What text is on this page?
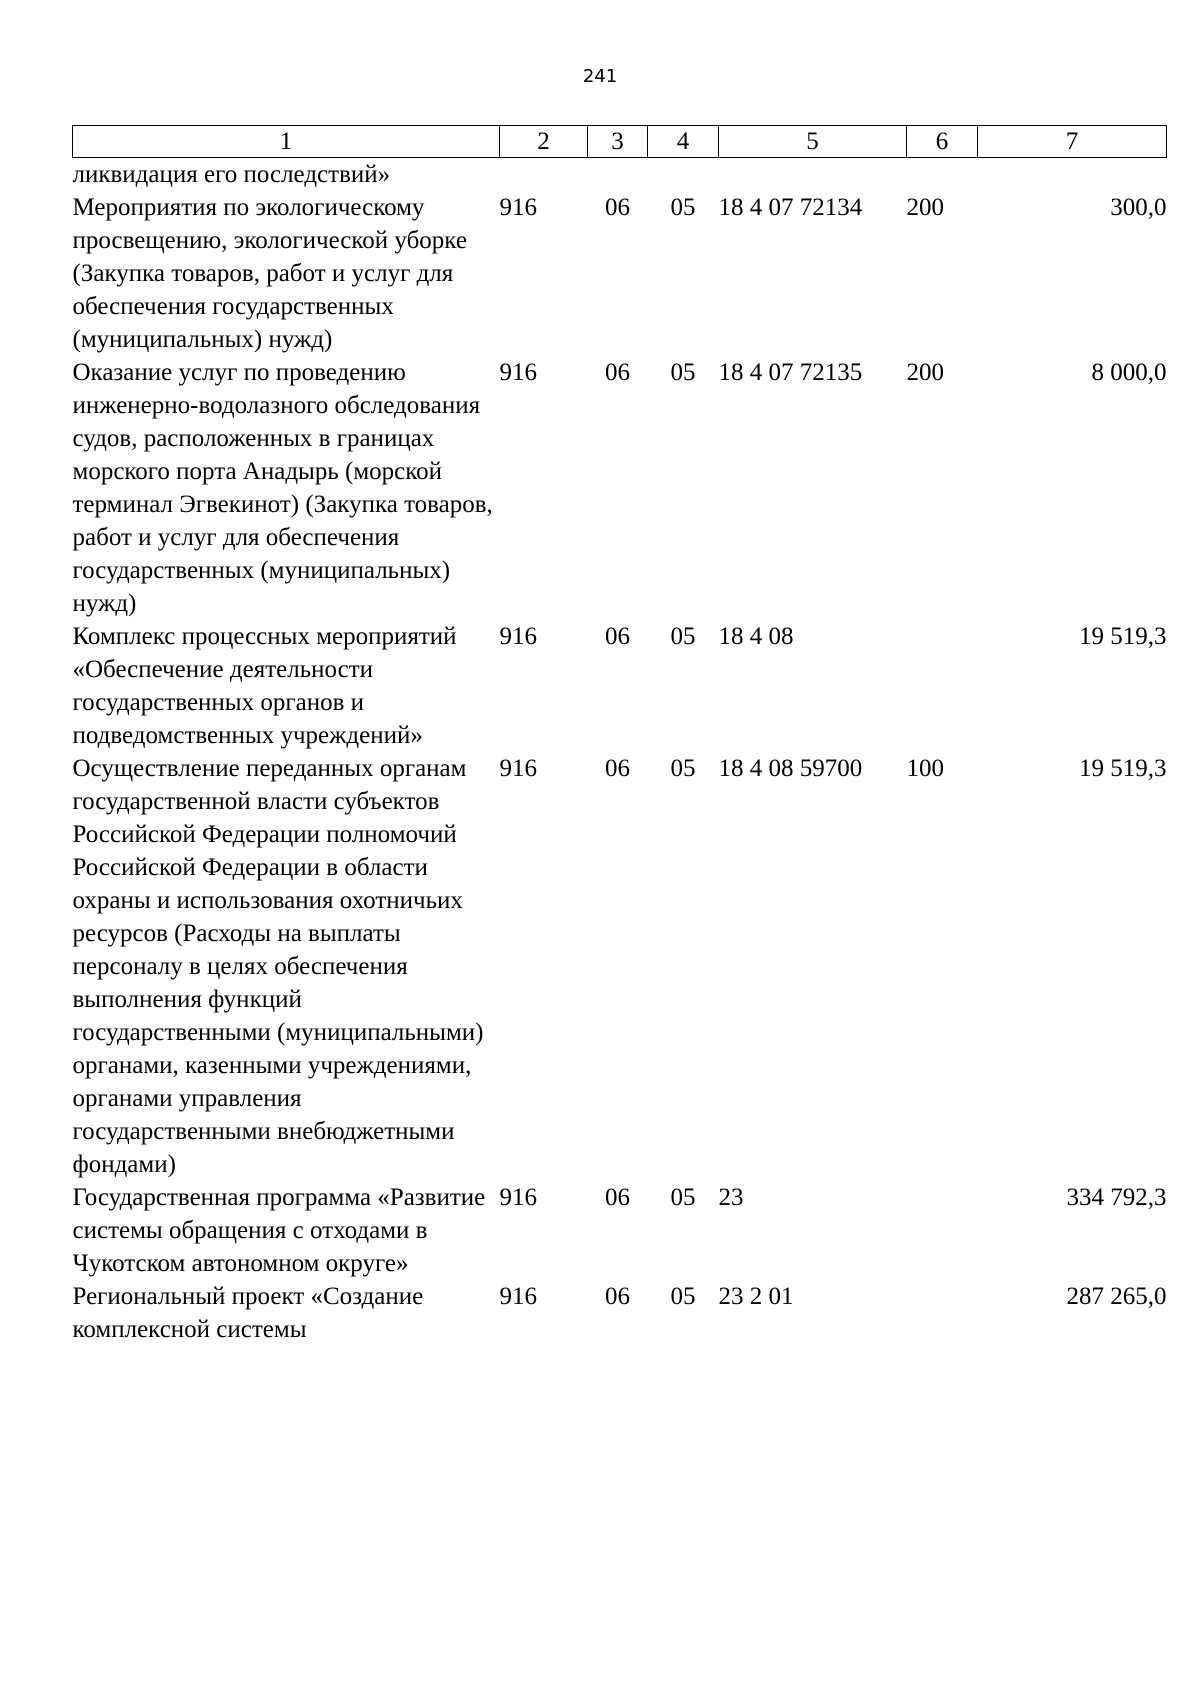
241
1	2	3	4	5	6	7
ликвидация его последствий»						
Мероприятия по экологическому просвещению, экологической уборке (Закупка товаров, работ и услуг для обеспечения государственных (муниципальных) нужд)	916	06	05	18 4 07 72134	200	300,0
Оказание услуг по проведению инженерно-водолазного обследования судов, расположенных в границах морского порта Анадырь (морской терминал Эгвекинот) (Закупка товаров, работ и услуг для обеспечения государственных (муниципальных) нужд)	916	06	05	18 4 07 72135	200	8 000,0
Комплекс процессных мероприятий «Обеспечение деятельности государственных органов и подведомственных учреждений»	916	06	05	18 4 08		19 519,3
Осуществление переданных органам государственной власти субъектов Российской Федерации полномочий Российской Федерации в области охраны и использования охотничьих ресурсов (Расходы на выплаты персоналу в целях обеспечения выполнения функций государственными (муниципальными) органами, казенными учреждениями, органами управления государственными внебюджетными фондами)	916	06	05	18 4 08 59700	100	19 519,3
Государственная программа «Развитие системы обращения с отходами в Чукотском автономном округе»	916	06	05	23		334 792,3
Региональный проект «Создание комплексной системы	916	06	05	23 2 01		287 265,0
